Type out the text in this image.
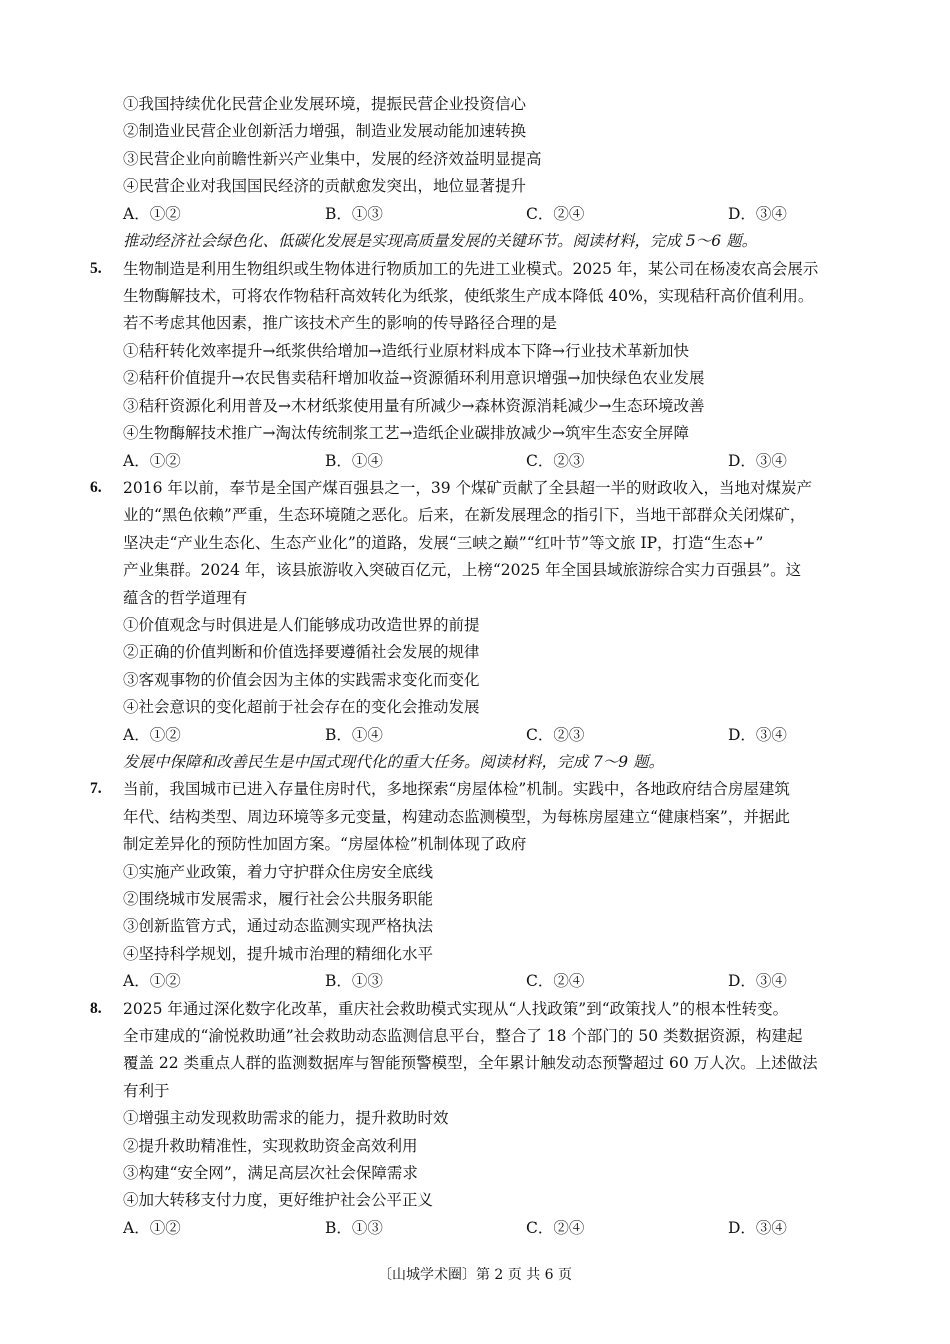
①我国持续优化民营企业发展环境，提振民营企业投资信心
②制造业民营企业创新活力增强，制造业发展动能加速转换
③民营企业向前瞻性新兴产业集中，发展的经济效益明显提高
④民营企业对我国国民经济的贡献愈发突出，地位显著提升
A．①②	B．①③	C．②④	D．③④
推动经济社会绿色化、低碳化发展是实现高质量发展的关键环节。阅读材料，完成 5～6 题。
5. 生物制造是利用生物组织或生物体进行物质加工的先进工业模式。2025 年，某公司在杨凌农高会展示
生物酶解技术，可将农作物秸秆高效转化为纸浆，使纸浆生产成本降低 40%，实现秸秆高价值利用。
若不考虑其他因素，推广该技术产生的影响的传导路径合理的是
①秸秆转化效率提升→纸浆供给增加→造纸行业原材料成本下降→行业技术革新加快
②秸秆价值提升→农民售卖秸秆增加收益→资源循环利用意识增强→加快绿色农业发展
③秸秆资源化利用普及→木材纸浆使用量有所减少→森林资源消耗减少→生态环境改善
④生物酶解技术推广→淘汰传统制浆工艺→造纸企业碳排放减少→筑牢生态安全屏障
A．①②	B．①④	C．②③	D．③④
6. 2016 年以前，奉节是全国产煤百强县之一，39 个煤矿贡献了全县超一半的财政收入，当地对煤炭产
业的“黑色依赖”严重，生态环境随之恶化。后来，在新发展理念的指引下，当地干部群众关闭煤矿，
坚决走“产业生态化、生态产业化”的道路，发展“三峡之巅”“红叶节”等文旅 IP，打造“生态+”
产业集群。2024 年，该县旅游收入突破百亿元，上榜“2025 年全国县域旅游综合实力百强县”。这
蕴含的哲学道理有
①价值观念与时俱进是人们能够成功改造世界的前提
②正确的价值判断和价值选择要遵循社会发展的规律
③客观事物的价值会因为主体的实践需求变化而变化
④社会意识的变化超前于社会存在的变化会推动发展
A．①②	B．①④	C．②③	D．③④
发展中保障和改善民生是中国式现代化的重大任务。阅读材料，完成 7～9 题。
7. 当前，我国城市已进入存量住房时代，多地探索“房屋体检”机制。实践中，各地政府结合房屋建筑
年代、结构类型、周边环境等多元变量，构建动态监测模型，为每栋房屋建立“健康档案”，并据此
制定差异化的预防性加固方案。“房屋体检”机制体现了政府
①实施产业政策，着力守护群众住房安全底线
②围绕城市发展需求，履行社会公共服务职能
③创新监管方式，通过动态监测实现严格执法
④坚持科学规划，提升城市治理的精细化水平
A．①②	B．①③	C．②④	D．③④
8. 2025 年通过深化数字化改革，重庆社会救助模式实现从“人找政策”到“政策找人”的根本性转变。
全市建成的“渝悦救助通”社会救助动态监测信息平台，整合了 18 个部门的 50 类数据资源，构建起
覆盖 22 类重点人群的监测数据库与智能预警模型，全年累计触发动态预警超过 60 万人次。上述做法
有利于
①增强主动发现救助需求的能力，提升救助时效
②提升救助精准性，实现救助资金高效利用
③构建“安全网”，满足高层次社会保障需求
④加大转移支付力度，更好维护社会公平正义
A．①②	B．①③	C．②④	D．③④
〔山城学术圈〕第 2 页 共 6 页
